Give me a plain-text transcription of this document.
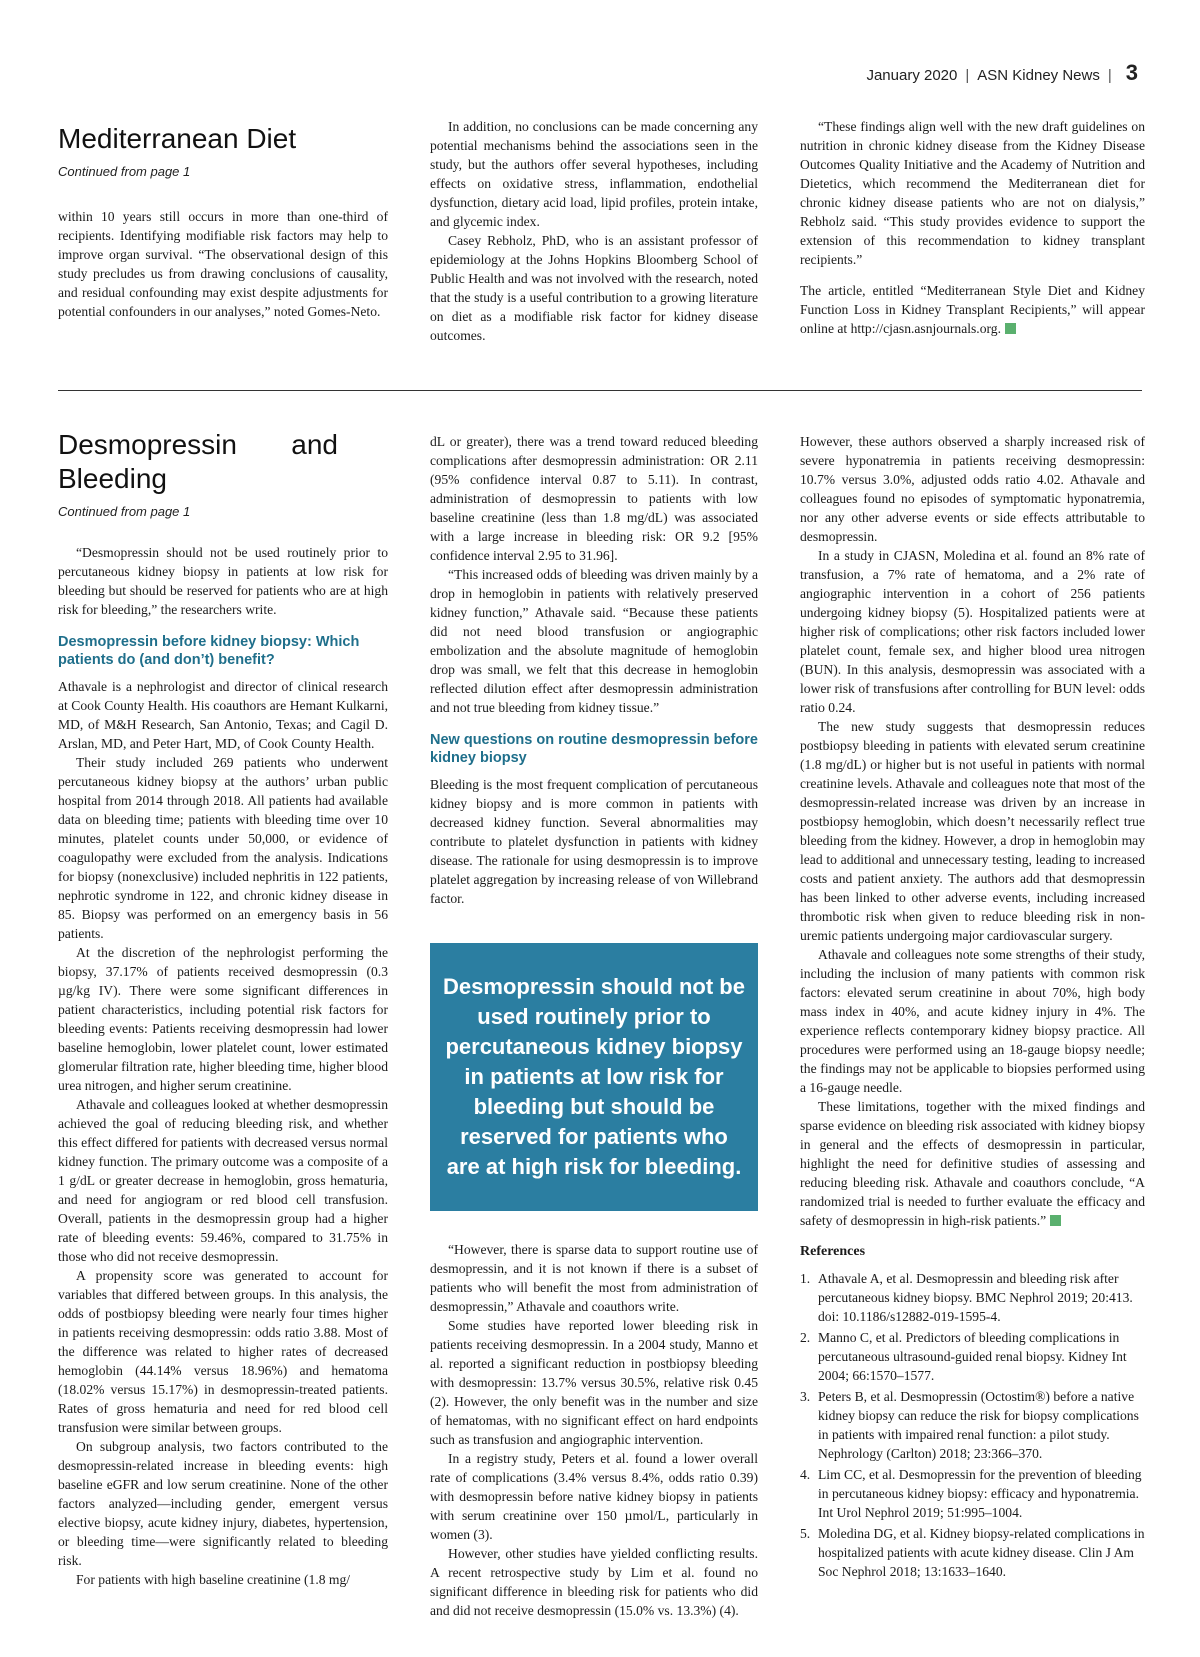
January 2020 | ASN Kidney News | 3
Mediterranean Diet
Continued from page 1

within 10 years still occurs in more than one-third of recipients. Identifying modifiable risk factors may help to improve organ survival. “The observational design of this study precludes us from drawing conclusions of causality, and residual confounding may exist despite adjustments for potential confounders in our analyses,” noted Gomes-Neto.

In addition, no conclusions can be made concerning any potential mechanisms behind the associations seen in the study, but the authors offer several hypotheses, including effects on oxidative stress, inflammation, endothelial dysfunction, dietary acid load, lipid profiles, protein intake, and glycemic index.

Casey Rebholz, PhD, who is an assistant professor of epidemiology at the Johns Hopkins Bloomberg School of Public Health and was not involved with the research, noted that the study is a useful contribution to a growing literature on diet as a modifiable risk factor for kidney disease outcomes.

“These findings align well with the new draft guidelines on nutrition in chronic kidney disease from the Kidney Disease Outcomes Quality Initiative and the Academy of Nutrition and Dietetics, which recommend the Mediterranean diet for chronic kidney disease patients who are not on dialysis,” Rebholz said. “This study provides evidence to support the extension of this recommendation to kidney transplant recipients.”

The article, entitled “Mediterranean Style Diet and Kidney Function Loss in Kidney Transplant Recipients,” will appear online at http://cjasn.asnjournals.org.

Desmopressin and Bleeding
Continued from page 1

“Desmopressin should not be used routinely prior to percutaneous kidney biopsy in patients at low risk for bleeding but should be reserved for patients who are at high risk for bleeding,” the researchers write.

Desmopressin before kidney biopsy: Which patients do (and don’t) benefit?

Athavale is a nephrologist and director of clinical research at Cook County Health. His coauthors are Hemant Kulkarni, MD, of M&H Research, San Antonio, Texas; and Cagil D. Arslan, MD, and Peter Hart, MD, of Cook County Health.

Their study included 269 patients who underwent percutaneous kidney biopsy at the authors’ urban public hospital from 2014 through 2018. All patients had available data on bleeding time; patients with bleeding time over 10 minutes, platelet counts under 50,000, or evidence of coagulopathy were excluded from the analysis. Indications for biopsy (nonexclusive) included nephritis in 122 patients, nephrotic syndrome in 122, and chronic kidney disease in 85. Biopsy was performed on an emergency basis in 56 patients.

At the discretion of the nephrologist performing the biopsy, 37.17% of patients received desmopressin (0.3 µg/kg IV). There were some significant differences in patient characteristics, including potential risk factors for bleeding events: Patients receiving desmopressin had lower baseline hemoglobin, lower platelet count, lower estimated glomerular filtration rate, higher bleeding time, higher blood urea nitrogen, and higher serum creatinine.

Athavale and colleagues looked at whether desmopressin achieved the goal of reducing bleeding risk, and whether this effect differed for patients with decreased versus normal kidney function. The primary outcome was a composite of a 1 g/dL or greater decrease in hemoglobin, gross hematuria, and need for angiogram or red blood cell transfusion. Overall, patients in the desmopressin group had a higher rate of bleeding events: 59.46%, compared to 31.75% in those who did not receive desmopressin.

A propensity score was generated to account for variables that differed between groups. In this analysis, the odds of postbiopsy bleeding were nearly four times higher in patients receiving desmopressin: odds ratio 3.88. Most of the difference was related to higher rates of decreased hemoglobin (44.14% versus 18.96%) and hematoma (18.02% versus 15.17%) in desmopressin-treated patients. Rates of gross hematuria and need for red blood cell transfusion were similar between groups.

On subgroup analysis, two factors contributed to the desmopressin-related increase in bleeding events: high baseline eGFR and low serum creatinine. None of the other factors analyzed—including gender, emergent versus elective biopsy, acute kidney injury, diabetes, hypertension, or bleeding time—were significantly related to bleeding risk.

For patients with high baseline creatinine (1.8 mg/

dL or greater), there was a trend toward reduced bleeding complications after desmopressin administration: OR 2.11 (95% confidence interval 0.87 to 5.11). In contrast, administration of desmopressin to patients with low baseline creatinine (less than 1.8 mg/dL) was associated with a large increase in bleeding risk: OR 9.2 [95% confidence interval 2.95 to 31.96].

“This increased odds of bleeding was driven mainly by a drop in hemoglobin in patients with relatively preserved kidney function,” Athavale said. “Because these patients did not need blood transfusion or angiographic embolization and the absolute magnitude of hemoglobin drop was small, we felt that this decrease in hemoglobin reflected dilution effect after desmopressin administration and not true bleeding from kidney tissue.”

New questions on routine desmopressin before kidney biopsy

Bleeding is the most frequent complication of percutaneous kidney biopsy and is more common in patients with decreased kidney function. Several abnormalities may contribute to platelet dysfunction in patients with kidney disease. The rationale for using desmopressin is to improve platelet aggregation by increasing release of von Willebrand factor.

Desmopressin should not be used routinely prior to percutaneous kidney biopsy in patients at low risk for bleeding but should be reserved for patients who are at high risk for bleeding.

“However, there is sparse data to support routine use of desmopressin, and it is not known if there is a subset of patients who will benefit the most from administration of desmopressin,” Athavale and coauthors write.

Some studies have reported lower bleeding risk in patients receiving desmopressin. In a 2004 study, Manno et al. reported a significant reduction in postbiopsy bleeding with desmopressin: 13.7% versus 30.5%, relative risk 0.45 (2). However, the only benefit was in the number and size of hematomas, with no significant effect on hard endpoints such as transfusion and angiographic intervention.

In a registry study, Peters et al. found a lower overall rate of complications (3.4% versus 8.4%, odds ratio 0.39) with desmopressin before native kidney biopsy in patients with serum creatinine over 150 µmol/L, particularly in women (3).

However, other studies have yielded conflicting results. A recent retrospective study by Lim et al. found no significant difference in bleeding risk for patients who did and did not receive desmopressin (15.0% vs. 13.3%) (4).

However, these authors observed a sharply increased risk of severe hyponatremia in patients receiving desmopressin: 10.7% versus 3.0%, adjusted odds ratio 4.02. Athavale and colleagues found no episodes of symptomatic hyponatremia, nor any other adverse events or side effects attributable to desmopressin.

In a study in CJASN, Moledina et al. found an 8% rate of transfusion, a 7% rate of hematoma, and a 2% rate of angiographic intervention in a cohort of 256 patients undergoing kidney biopsy (5). Hospitalized patients were at higher risk of complications; other risk factors included lower platelet count, female sex, and higher blood urea nitrogen (BUN). In this analysis, desmopressin was associated with a lower risk of transfusions after controlling for BUN level: odds ratio 0.24.

The new study suggests that desmopressin reduces postbiopsy bleeding in patients with elevated serum creatinine (1.8 mg/dL) or higher but is not useful in patients with normal creatinine levels. Athavale and colleagues note that most of the desmopressin-related increase was driven by an increase in postbiopsy hemoglobin, which doesn’t necessarily reflect true bleeding from the kidney. However, a drop in hemoglobin may lead to additional and unnecessary testing, leading to increased costs and patient anxiety. The authors add that desmopressin has been linked to other adverse events, including increased thrombotic risk when given to reduce bleeding risk in non-uremic patients undergoing major cardiovascular surgery.

Athavale and colleagues note some strengths of their study, including the inclusion of many patients with common risk factors: elevated serum creatinine in about 70%, high body mass index in 40%, and acute kidney injury in 4%. The experience reflects contemporary kidney biopsy practice. All procedures were performed using an 18-gauge biopsy needle; the findings may not be applicable to biopsies performed using a 16-gauge needle.

These limitations, together with the mixed findings and sparse evidence on bleeding risk associated with kidney biopsy in general and the effects of desmopressin in particular, highlight the need for definitive studies of assessing and reducing bleeding risk. Athavale and coauthors conclude, “A randomized trial is needed to further evaluate the efficacy and safety of desmopressin in high-risk patients.”

References
1. Athavale A, et al. Desmopressin and bleeding risk after percutaneous kidney biopsy. BMC Nephrol 2019; 20:413. doi: 10.1186/s12882-019-1595-4.
2. Manno C, et al. Predictors of bleeding complications in percutaneous ultrasound-guided renal biopsy. Kidney Int 2004; 66:1570–1577.
3. Peters B, et al. Desmopressin (Octostim®) before a native kidney biopsy can reduce the risk for biopsy complications in patients with impaired renal function: a pilot study. Nephrology (Carlton) 2018; 23:366–370.
4. Lim CC, et al. Desmopressin for the prevention of bleeding in percutaneous kidney biopsy: efficacy and hyponatremia. Int Urol Nephrol 2019; 51:995–1004.
5. Moledina DG, et al. Kidney biopsy-related complications in hospitalized patients with acute kidney disease. Clin J Am Soc Nephrol 2018; 13:1633–1640.
